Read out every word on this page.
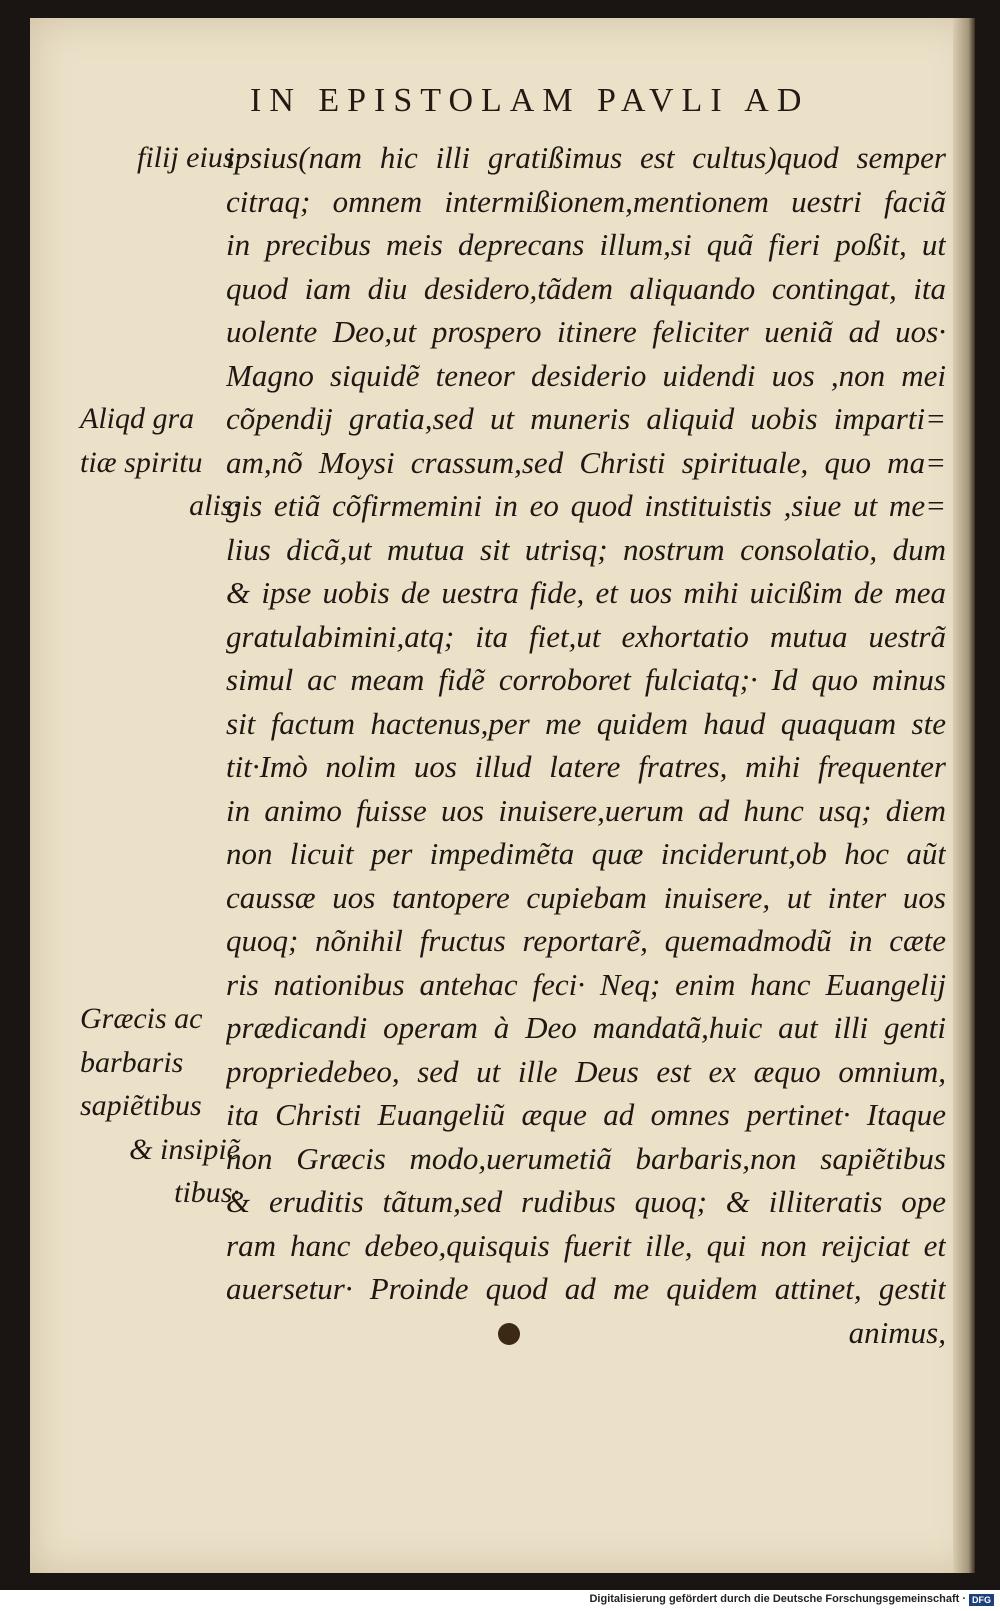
IN EPISTOLAM PAVLI AD
ipsius(nam hic illi gratißimus est cultus)quod semper
citraq; omnem intermißionem,mentionem uestri faciã
in precibus meis deprecans illum,si quã fieri poßit, ut
quod iam diu desidero,tãdem aliquando contingat, ita
uolente Deo,ut prospero itinere feliciter ueniã ad uos·
Magno siquidẽ teneor desiderio uidendi uos ,non mei
cõpendij gratia,sed ut muneris aliquid uobis imparti=
am,nõ Moysi crassum,sed Christi spirituale, quo ma=
gis etiã cõfirmemini in eo quod instituistis ,siue ut me=
lius dicã,ut mutua sit utrisq; nostrum consolatio, dum
& ipse uobis de uestra fide, et uos mihi uicißim de mea
gratulabimini,atq; ita fiet,ut exhortatio mutua uestrã
simul ac meam fidẽ corroboret fulciatq;· Id quo minus
sit factum hactenus,per me quidem haud quaquam ste
tit·Imò nolim uos illud latere fratres, mihi frequenter
in animo fuisse uos inuisere,uerum ad hunc usq; diem
non licuit per impedimẽta quæ inciderunt,ob hoc aũt
caussæ uos tantopere cupiebam inuisere, ut inter uos
quoq; nõnihil fructus reportarẽ, quemadmodũ in cæte
ris nationibus antehac feci· Neq; enim hanc Euangelij
prædicandi operam à Deo mandatã,huic aut illi genti
propriedebeo, sed ut ille Deus est ex æquo omnium,
ita Christi Euangeliũ æque ad omnes pertinet· Itaque
non Græcis modo,uerumetiã barbaris,non sapiẽtibus
& eruditis tãtum,sed rudibus quoq; & illiteratis ope
ram hanc debeo,quisquis fuerit ille, qui non reijciat et
auersetur· Proinde quod ad me quidem attinet, gestit
animus,
filij eius·
Aliqd gra
tiæ spiritu
alis·
Græcis ac
barbaris
sapiẽtibus
& insipiẽ
tibus·
Digitalisierung gefördert durch die Deutsche Forschungsgemeinschaft · DFG
